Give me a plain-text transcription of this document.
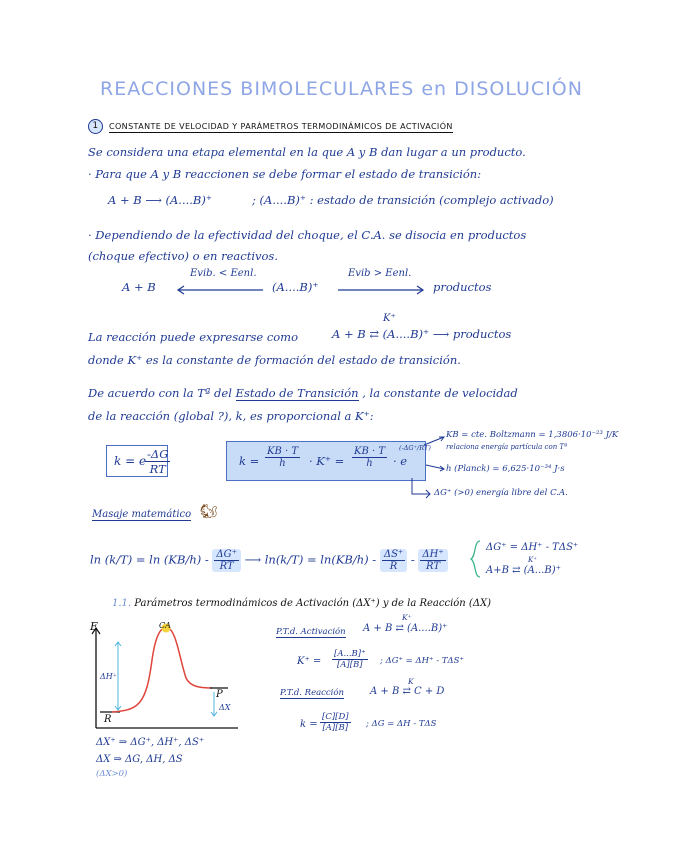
REACCIONES BIMOLECULARES en DISOLUCIÓN
1 CONSTANTE DE VELOCIDAD Y PARÁMETROS TERMODINÁMICOS DE ACTIVACIÓN
Se considera una etapa elemental en la que A y B dan lugar a un producto.
· Para que A y B reaccionen se debe formar el estado de transición:
A + B ⟶ (A....B)⁺	; (A....B)⁺ : estado de transición (complejo activado)
· Dependiendo de la efectividad del choque, el C.A. se disocia en productos
(choque efectivo) o en reactivos.
A + B
Evib. < Eenl.
(A....B)⁺
Evib > Eenl.
productos
La reacción puede expresarse como
K⁺
A + B ⇄ (A....B)⁺ ⟶ productos
donde K⁺ es la constante de formación del estado de transición.
De acuerdo con la Tª del Estado de Transición , la constante de velocidad
de la reacción (global ?), k, es proporcional a K⁺:
k = e
$\frac{-\Delta G}{RT}$	$k = \frac{KB \cdot T}{h} \cdot K^+ = \frac{KB \cdot T}{h} \cdot e$
(-ΔG⁺/RT)
KB = cte. Boltzmann = 1,3806·10⁻²³ J/K
relaciona energía partícula con Tª
h (Planck) = 6,625·10⁻³⁴ J·s
ΔG⁺ (>0) energía libre del C.A.
Masaje matemático 🐿
$\ln (k/T) = \ln (KB/h) - \frac{\Delta G^+}{RT}$ ⟶ $\ln(k/T) = \ln(KB/h) - \frac{\Delta S^+}{R} - \frac{\Delta H^+}{RT}$
ΔG⁺ = ΔH⁺ - TΔS⁺
K⁺
A+B ⇄ (A...B)⁺
1.1. Parámetros termodinámicos de Activación (ΔX⁺) y de la Reacción (ΔX)
E	CA
ΔH⁺
R
P
ΔX
ΔX⁺ ⇒ ΔG⁺, ΔH⁺, ΔS⁺
ΔX ⇒ ΔG, ΔH, ΔS
(ΔX>0)
P.T.d. Activación
K⁺
A + B ⇄ (A....B)⁺
$K^+ = \frac{[A...B]^+}{[A][B]}$ ; ΔG⁺ = ΔH⁺ - TΔS⁺
P.T.d. Reacción
K
A + B ⇄ C + D
$k = \frac{[C][D]}{[A][B]}$ ; ΔG = ΔH - TΔS
